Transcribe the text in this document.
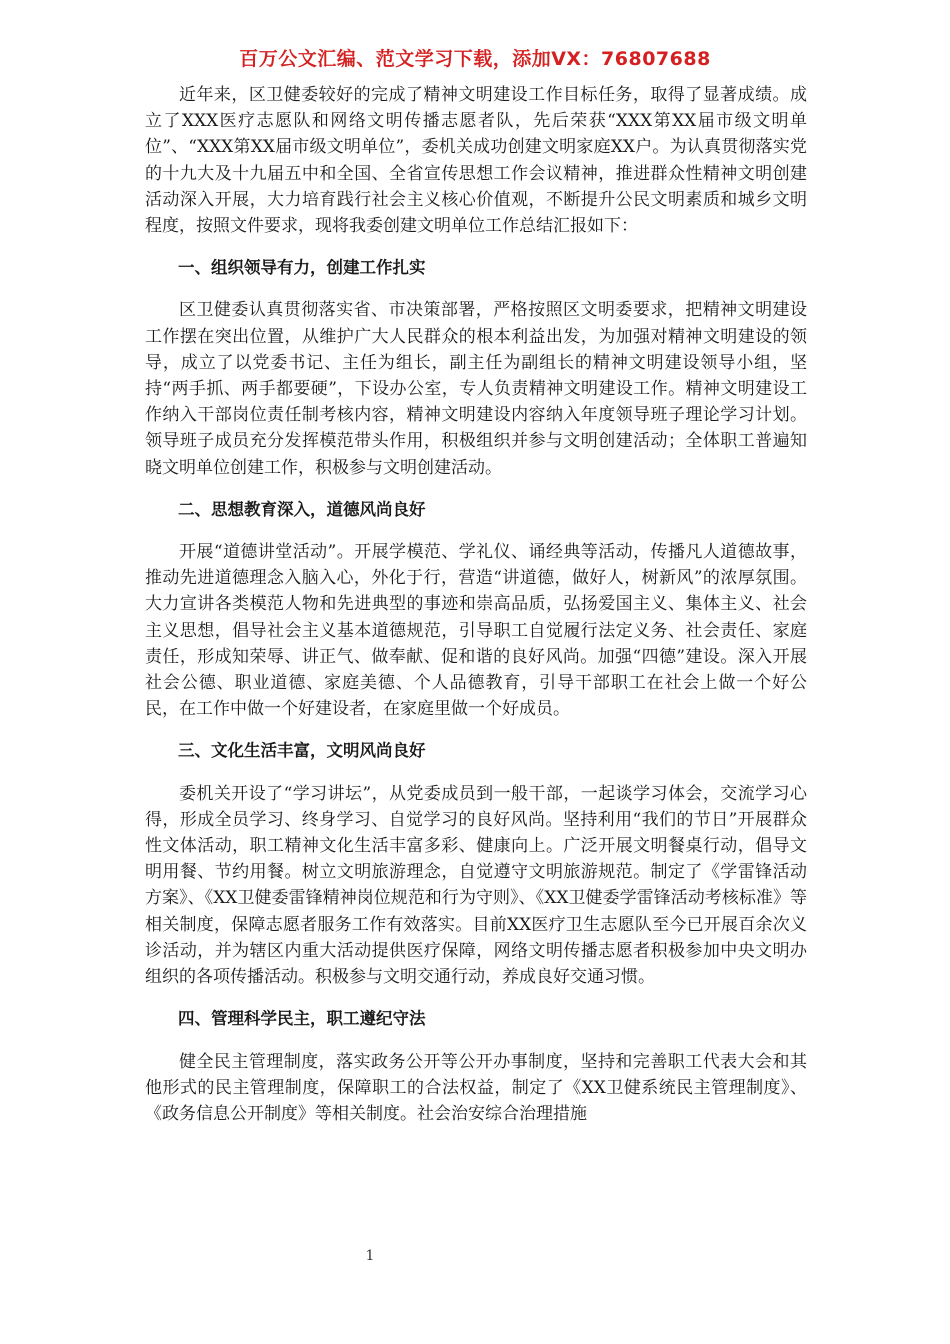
百万公文汇编、范文学习下载，添加VX：76807688

近年来，区卫健委较好的完成了精神文明建设工作目标任务，取得了显著成绩。成立了XXX医疗志愿队和网络文明传播志愿者队，先后荣获“XXX第XX届市级文明单位”、“XXX第XX届市级文明单位”，委机关成功创建文明家庭XX户。为认真贯彻落实党的十九大及十九届五中和全国、全省宣传思想工作会议精神，推进群众性精神文明创建活动深入开展，大力培育践行社会主义核心价值观，不断提升公民文明素质和城乡文明程度，按照文件要求，现将我委创建文明单位工作总结汇报如下：

一、组织领导有力，创建工作扎实

区卫健委认真贯彻落实省、市决策部署，严格按照区文明委要求，把精神文明建设工作摆在突出位置，从维护广大人民群众的根本利益出发，为加强对精神文明建设的领导，成立了以党委书记、主任为组长，副主任为副组长的精神文明建设领导小组，坚持“两手抓、两手都要硬”，下设办公室，专人负责精神文明建设工作。精神文明建设工作纳入干部岗位责任制考核内容，精神文明建设内容纳入年度领导班子理论学习计划。领导班子成员充分发挥模范带头作用，积极组织并参与文明创建活动；全体职工普遍知晓文明单位创建工作，积极参与文明创建活动。

二、思想教育深入，道德风尚良好

开展“道德讲堂活动”。开展学模范、学礼仪、诵经典等活动，传播凡人道德故事，推动先进道德理念入脑入心，外化于行，营造“讲道德，做好人，树新风”的浓厚氛围。大力宣讲各类模范人物和先进典型的事迹和崇高品质，弘扬爱国主义、集体主义、社会主义思想，倡导社会主义基本道德规范，引导职工自觉履行法定义务、社会责任、家庭责任，形成知荣辱、讲正气、做奉献、促和谐的良好风尚。加强“四德”建设。深入开展社会公德、职业道德、家庭美德、个人品德教育，引导干部职工在社会上做一个好公民，在工作中做一个好建设者，在家庭里做一个好成员。

三、文化生活丰富，文明风尚良好

委机关开设了“学习讲坛”，从党委成员到一般干部，一起谈学习体会，交流学习心得，形成全员学习、终身学习、自觉学习的良好风尚。坚持利用“我们的节日”开展群众性文体活动，职工精神文化生活丰富多彩、健康向上。广泛开展文明餐桌行动，倡导文明用餐、节约用餐。树立文明旅游理念，自觉遵守文明旅游规范。制定了《学雷锋活动方案》、《XX卫健委雷锋精神岗位规范和行为守则》、《XX卫健委学雷锋活动考核标准》等相关制度，保障志愿者服务工作有效落实。目前XX医疗卫生志愿队至今已开展百余次义诊活动，并为辖区内重大活动提供医疗保障，网络文明传播志愿者积极参加中央文明办组织的各项传播活动。积极参与文明交通行动，养成良好交通习惯。

四、管理科学民主，职工遵纪守法

健全民主管理制度，落实政务公开等公开办事制度，坚持和完善职工代表大会和其他形式的民主管理制度，保障职工的合法权益，制定了《XX卫健系统民主管理制度》、《政务信息公开制度》等相关制度。社会治安综合治理措施

1
